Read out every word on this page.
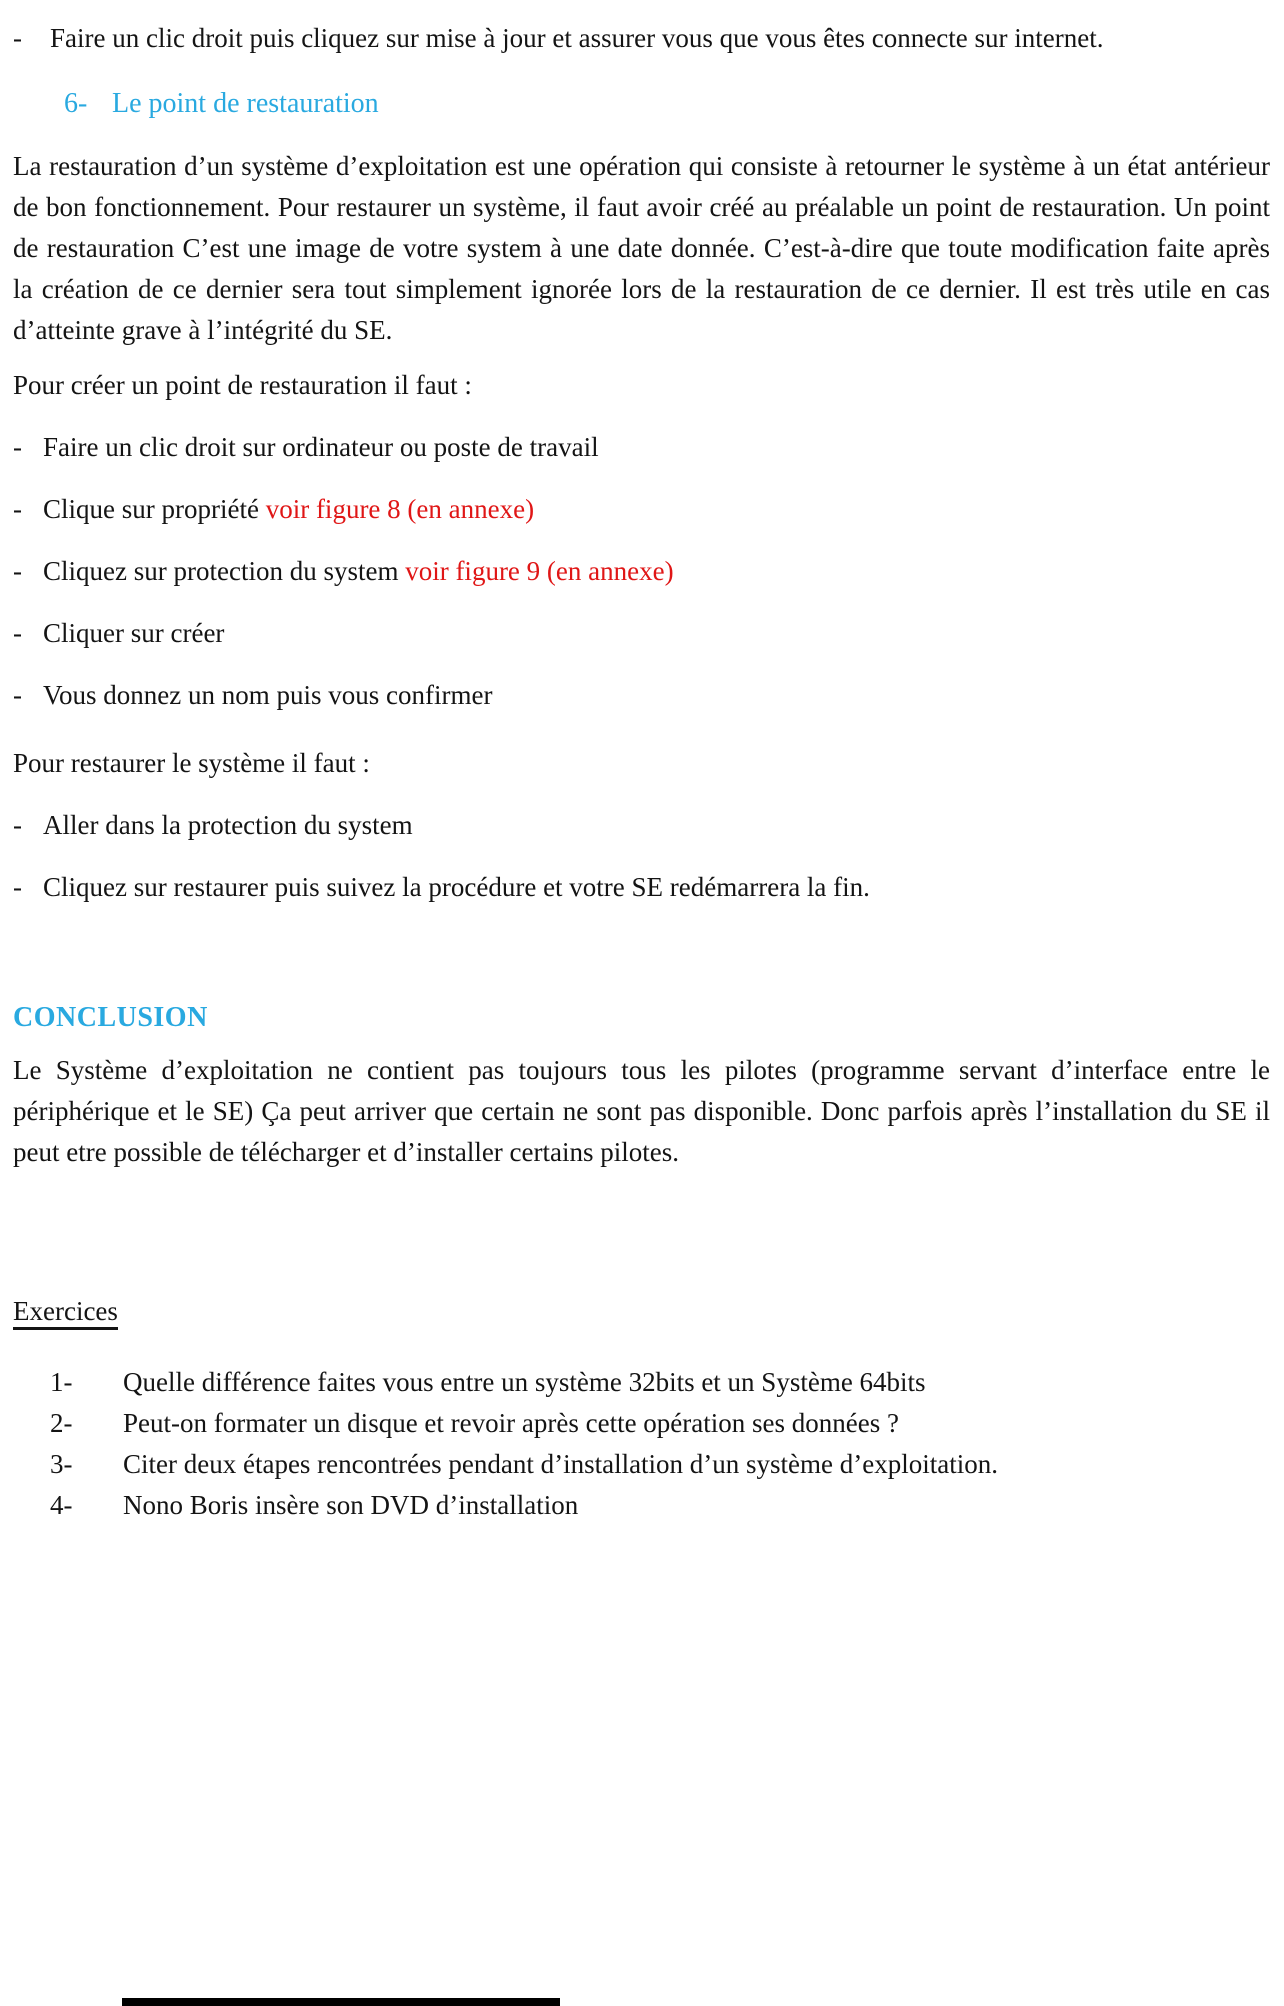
- Faire un clic droit puis cliquez sur mise à jour et assurer vous que vous êtes connecte sur internet.

6- Le point de restauration

La restauration d’un système d’exploitation est une opération qui consiste à retourner le système à un état antérieur de bon fonctionnement. Pour restaurer un système, il faut avoir créé au préalable un point de restauration. Un point de restauration C’est une image de votre system à une date donnée. C’est-à-dire que toute modification faite après la création de ce dernier sera tout simplement ignorée lors de la restauration de ce dernier. Il est très utile en cas d’atteinte grave à l’intégrité du SE.

Pour créer un point de restauration il faut :

- Faire un clic droit sur ordinateur ou poste de travail

- Clique sur propriété voir figure 8 (en annexe)

- Cliquez sur protection du system voir figure 9 (en annexe)

- Cliquer sur créer

- Vous donnez un nom puis vous confirmer

Pour restaurer le système il faut :

- Aller dans la protection du system

- Cliquez sur restaurer puis suivez la procédure et votre SE redémarrera la fin.

CONCLUSION

Le Système d’exploitation ne contient pas toujours tous les pilotes (programme servant d’interface entre le périphérique et le SE) Ça peut arriver que certain ne sont pas disponible. Donc parfois après l’installation du SE il peut etre possible de télécharger et d’installer certains pilotes.

Exercices

1- Quelle différence faites vous entre un système 32bits et un Système 64bits

2- Peut-on formater un disque et revoir après cette opération ses données ?

3- Citer deux étapes rencontrées pendant d’installation d’un système d’exploitation.

4- Nono Boris insère son DVD d’installation
